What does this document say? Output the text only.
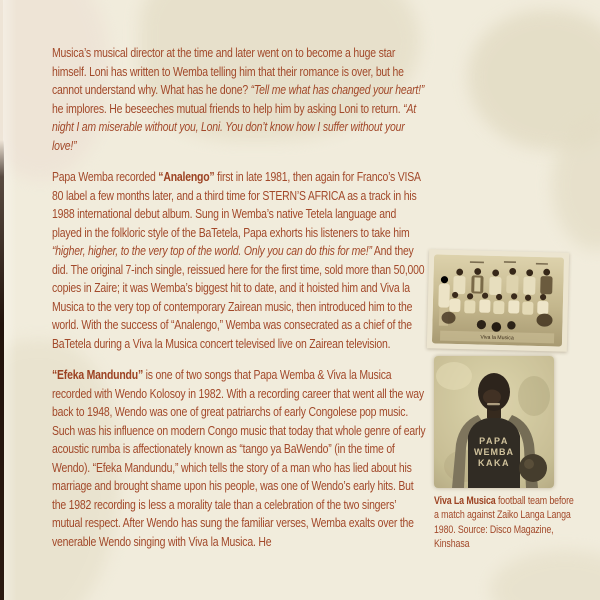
Musica’s musical director at the time and later went on to become a huge star himself. Loni has written to Wemba telling him that their romance is over, but he cannot understand why. What has he done? “Tell me what has changed your heart!” he implores. He beseeches mutual friends to help him by asking Loni to return. “At night I am miserable without you, Loni. You don’t know how I suffer without your love!”

Papa Wemba recorded “Analengo” first in late 1981, then again for Franco’s VISA 80 label a few months later, and a third time for STERN’S AFRICA as a track in his 1988 international debut album. Sung in Wemba’s native Tetela language and played in the folkloric style of the BaTetela, Papa exhorts his listeners to take him “higher, higher, to the very top of the world. Only you can do this for me!” And they did. The original 7-inch single, reissued here for the first time, sold more than 50,000 copies in Zaire; it was Wemba’s biggest hit to date, and it hoisted him and Viva la Musica to the very top of contemporary Zairean music, then introduced him to the world. With the success of “Analengo,” Wemba was consecrated as a chief of the BaTetela during a Viva la Musica concert televised live on Zairean television.

“Efeka Mandundu” is one of two songs that Papa Wemba & Viva la Musica recorded with Wendo Kolosoy in 1982. With a recording career that went all the way back to 1948, Wendo was one of great patriarchs of early Congolese pop music. Such was his influence on modern Congo music that today that whole genre of early acoustic rumba is affectionately known as “tango ya BaWendo” (in the time of Wendo). “Efeka Mandundu,” which tells the story of a man who has lied about his marriage and brought shame upon his people, was one of Wendo’s early hits. But the 1982 recording is less a morality tale than a celebration of the two singers’ mutual respect. After Wendo has sung the familiar verses, Wemba exalts over the venerable Wendo singing with Viva la Musica. He

Viva la Musica
PAPA
WEMBA
KAKA

Viva La Musica football team before a match against Zaiko Langa Langa 1980. Source: Disco Magazine, Kinshasa
